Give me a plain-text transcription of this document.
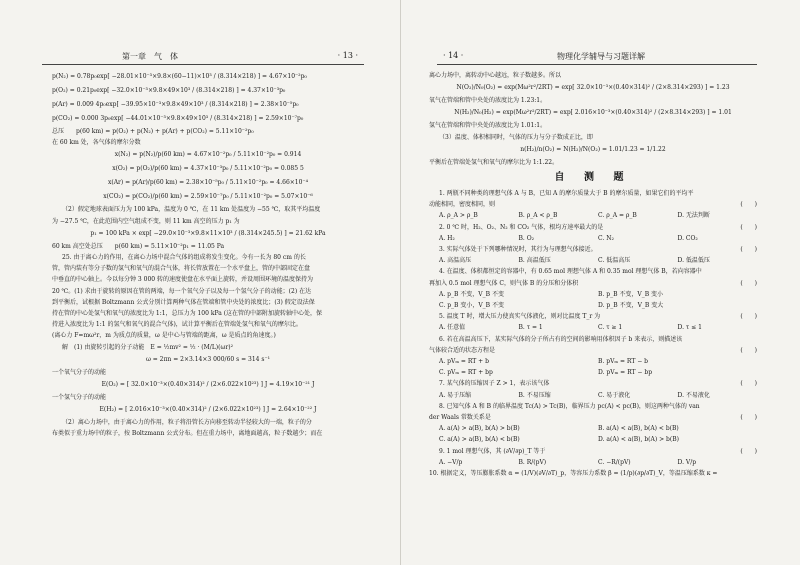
第一章　气　体	· 13 ·
p(N₂) = 0.78p₀exp[ −28.01×10⁻³×9.8×(60−11)×10³ / (8.314×218) ] = 4.67×10⁻²p₀
p(O₂) = 0.21p₀exp[ −32.0×10⁻³×9.8×49×10³ / (8.314×218) ] = 4.37×10⁻³p₀
p(Ar) = 0.009 4p₀exp[ −39.95×10⁻³×9.8×49×10³ / (8.314×218) ] = 2.38×10⁻⁵p₀
p(CO₂) = 0.000 3p₀exp[ −44.01×10⁻³×9.8×49×10³ / (8.314×218) ] = 2.59×10⁻⁷p₀
总压　　p(60 km) = p(O₂) + p(N₂) + p(Ar) + p(CO₂) = 5.11×10⁻²p₀
在 60 km 处，各气体的摩尔分数
x(N₂) = p(N₂)/p(60 km) = 4.67×10⁻²p₀ / 5.11×10⁻²p₀ = 0.914
x(O₂) = p(O₂)/p(60 km) = 4.37×10⁻³p₀ / 5.11×10⁻²p₀ = 0.085 5
x(Ar) = p(Ar)/p(60 km) = 2.38×10⁻⁵p₀ / 5.11×10⁻²p₀ = 4.66×10⁻⁴
x(CO₂) = p(CO₂)/p(60 km) = 2.59×10⁻⁷p₀ / 5.11×10⁻²p₀ = 5.07×10⁻⁶
（2）假定地球表面压力为 100 kPa，温度为 0 ℃，在 11 km 处温度为 −55 ℃，取其平均温度
为 −27.5 ℃，在此范围内空气组成不变，则 11 km 高空的压力 p₁ 为
p₁ = 100 kPa × exp[ −29.0×10⁻³×9.8×11×10³ / (8.314×245.5) ] = 21.62 kPa
60 km 高空处总压　　p(60 km) = 5.11×10⁻²p₁ = 11.05 Pa
25. 由于离心力的作用，在离心力场中混合气体的组成将发生变化。今有一长为 80 cm 的长
管，管内装有等分子数的氢气和氧气的混合气体，将长管放置在一个水平盘上，管的中部固定在盘
中垂直的中心轴上。今以每分钟 3 000 转的速度使盘在水平面上旋转，并设周围环境的温度保持为
20 ℃。(1) 求由于旋转的原因在管的两端，每一个氧气分子以及每一个氢气分子的动能；(2) 在达
到平衡后，试根据 Boltzmann 公式分别计算两种气体在管端和管中央处的浓度比；(3) 假定设法保
持在管的中心处氢气和氧气的浓度比为 1:1，总压力为 100 kPa (这在管的中部附加旋转轴中心处，保
持进入浓度比为 1:1 的氢气和氧气的混合气体)，试计算平衡后在管端处氢气和氧气的摩尔比。
(离心力 F=mω²r，m 为质点的质量，ω 是中心与管端的距离，ω 是质点的角速度。)
解　(1) 由旋转引起的分子动能　E = ½mv² = ½ · (M/L)(ωr)²
ω = 2πn = 2×3.14×3 000/60 s = 314 s⁻¹
一个氧气分子的动能
E(O₂) = [ 32.0×10⁻³×(0.40×314)² / (2×6.022×10²³) ] J = 4.19×10⁻²¹ J
一个氢气分子的动能
E(H₂) = [ 2.016×10⁻³×(0.40×314)² / (2×6.022×10²³) ] J = 2.64×10⁻²² J
（2）离心力场中，由于离心力的作用，粒子将沿管长方向移至转动半径较大的一端，粒子的分
布类似于重力场中的粒子，按 Boltzmann 公式分布。但在重力场中，离地面越高，粒子数越少；而在
· 14 ·	物理化学辅导与习题详解
离心力场中，离转动中心越远，粒子数越多。所以
N(O₂)/N₀(O₂) = exp(Mω²r²/2RT) = exp[ 32.0×10⁻³×(0.40×314)² / (2×8.314×293) ] = 1.23
氧气在管端和管中央处的浓度比为 1.23:1。
N(H₂)/N₀(H₂) = exp(Mω²r²/2RT) = exp[ 2.016×10⁻³×(0.40×314)² / (2×8.314×293) ] = 1.01
氢气在管端和管中央处的浓度比为 1.01:1。
（3）温度、体积相同时，气体的压力与分子数成正比，即
n(H₂)/n(O₂) = N(H₂)/N(O₂) = 1.01/1.23 = 1/1.22
平衡后在管端处氢气和氧气的摩尔比为 1:1.22。
自 测 题
1. 两瓶不同种类的理想气体 A 与 B，已知 A 的摩尔质量大于 B 的摩尔质量，如果它们的平均平
动能相同，密度相同，则	(　　)
A. ρ_A > ρ_B	B. ρ_A < ρ_B	C. ρ_A = ρ_B	D. 无法判断
2. 0 ℃ 时，H₂、O₂、N₂ 和 CO₂ 气体，根均方速率最大的是	(　　)
A. H₂	B. O₂	C. N₂	D. CO₂
3. 实际气体处于下列哪种情况时，其行为与理想气体接近。	(　　)
A. 高温高压	B. 高温低压	C. 低温高压	D. 低温低压
4. 在温度、体积都恒定的容器中，有 0.65 mol 理想气体 A 和 0.35 mol 理想气体 B，若向容器中
再加入 0.5 mol 理想气体 C，则气体 B 的分压和分体积	(　　)
A. p_B 不变，V_B 不变	B. p_B 不变，V_B 变小
C. p_B 变小，V_B 不变	D. p_B 不变，V_B 变大
5. 温度 T 时，增大压力使真实气体液化，则对比温度 T_r 为	(　　)
A. 任意值	B. τ = 1	C. τ ≥ 1	D. τ ≤ 1
6. 若在高温高压下，某实际气体的分子所占有的空间的影响用体积因子 b 来表示，则描述该
气体较合适的状态方程是	(　　)
A. pVₘ = RT + b	B. pVₘ = RT − b
C. pVₘ = RT + bp	D. pVₘ = RT − bp
7. 某气体的压缩因子 Z > 1，表示该气体	(　　)
A. 易于压缩	B. 不易压缩	C. 易于液化	D. 不易液化
8. 已知气体 A 和 B 的临界温度 Tc(A) > Tc(B)，临界压力 pc(A) < pc(B)，则这两种气体的 van
der Waals 常数关系是	(　　)
A. a(A) > a(B), b(A) > b(B)	B. a(A) < a(B), b(A) < b(B)
C. a(A) > a(B), b(A) < b(B)	D. a(A) < a(B), b(A) > b(B)
9. 1 mol 理想气体，其 (∂V/∂p)_T 等于	(　　)
A. −V/p	B. R/(pV)	C. −R/(pV)	D. V/p
10. 根据定义，等压膨胀系数 α = (1/V)(∂V/∂T)_p，等容压力系数 β = (1/p)(∂p/∂T)_V，等温压缩系数 κ =
